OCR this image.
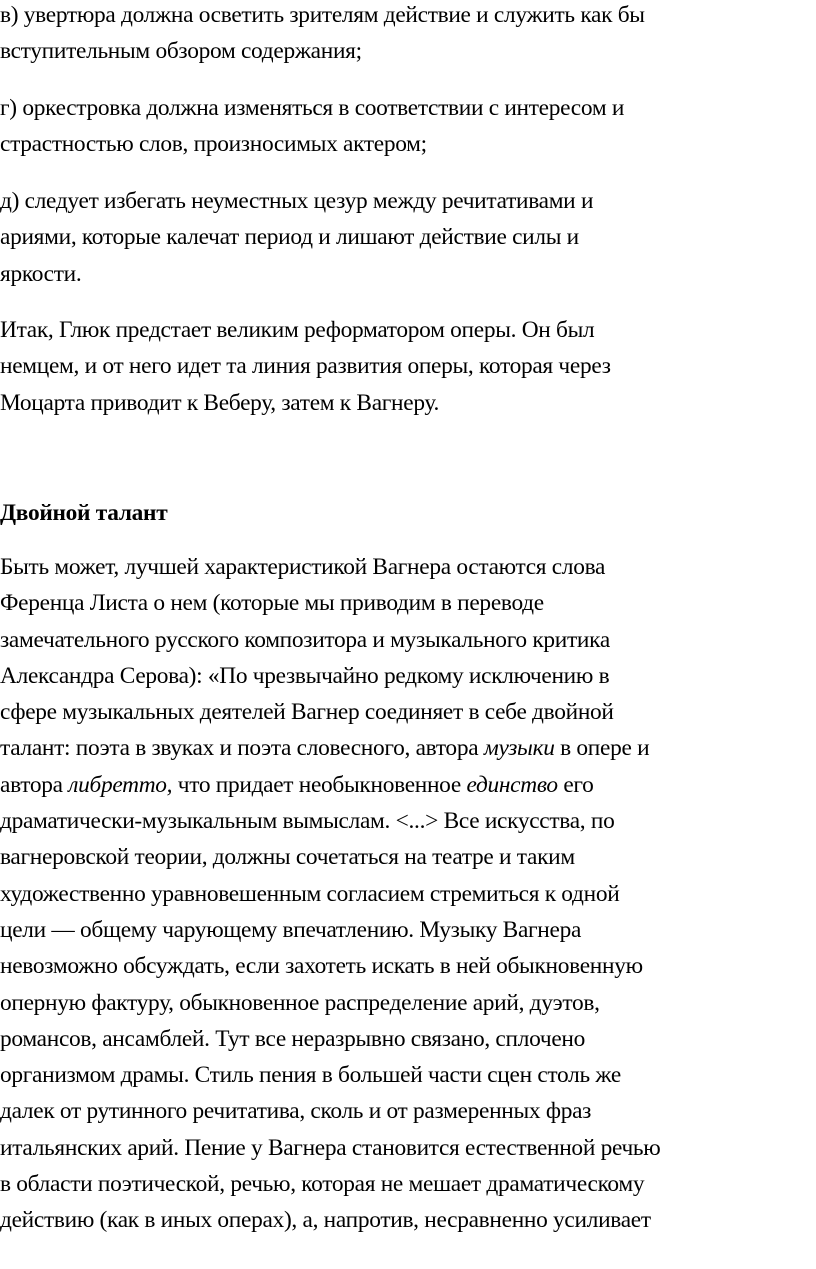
в) увертюра должна осветить зрителям действие и служить как бы
вступительным обзором содержания;

г) оркестровка должна изменяться в соответствии с интересом и
страстностью слов, произносимых актером;

д) следует избегать неуместных цезур между речитативами и
ариями, которые калечат период и лишают действие силы и
яркости.

Итак, Глюк предстает великим реформатором оперы. Он был
немцем, и от него идет та линия развития оперы, которая через
Моцарта приводит к Веберу, затем к Вагнеру.

Двойной талант

Быть может, лучшей характеристикой Вагнера остаются слова
Ференца Листа о нем (которые мы приводим в переводе
замечательного русского композитора и музыкального критика
Александра Серова): «По чрезвычайно редкому исключению в
сфере музыкальных деятелей Вагнер соединяет в себе двойной
талант: поэта в звуках и поэта словесного, автора музыки в опере и
автора либретто, что придает необыкновенное единство его
драматически-музыкальным вымыслам. <...> Все искусства, по
вагнеровской теории, должны сочетаться на театре и таким
художественно уравновешенным согласием стремиться к одной
цели — общему чарующему впечатлению. Музыку Вагнера
невозможно обсуждать, если захотеть искать в ней обыкновенную
оперную фактуру, обыкновенное распределение арий, дуэтов,
романсов, ансамблей. Тут все неразрывно связано, сплочено
организмом драмы. Стиль пения в большей части сцен столь же
далек от рутинного речитатива, сколь и от размеренных фраз
итальянских арий. Пение у Вагнера становится естественной речью
в области поэтической, речью, которая не мешает драматическому
действию (как в иных операх), а, напротив, несравненно усиливает
